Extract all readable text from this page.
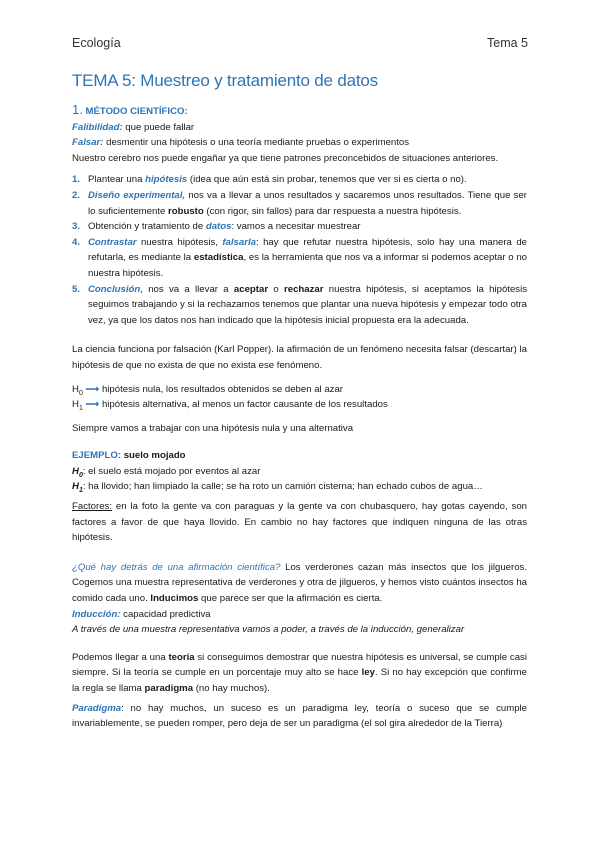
Ecología	Tema 5
TEMA 5: Muestreo y tratamiento de datos

1. MÉTODO CIENTÍFICO:

Falibilidad: que puede fallar

Falsar: desmentir una hipótesis o una teoría mediante pruebas o experimentos

Nuestro cerebro nos puede engañar ya que tiene patrones preconcebidos de situaciones anteriores.

1. Plantear una hipótesis (idea que aún está sin probar, tenemos que ver si es cierta o no).
2. Diseño experimental, nos va a llevar a unos resultados y sacaremos unos resultados. Tiene que ser lo suficientemente robusto (con rigor, sin fallos) para dar respuesta a nuestra hipótesis.
3. Obtención y tratamiento de datos: vamos a necesitar muestrear
4. Contrastar nuestra hipótesis, falsarla: hay que refutar nuestra hipótesis, solo hay una manera de refutarla, es mediante la estadística, es la herramienta que nos va a informar si podemos aceptar o no nuestra hipótesis.
5. Conclusión, nos va a llevar a aceptar o rechazar nuestra hipótesis, si aceptamos la hipótesis seguimos trabajando y si la rechazamos tenemos que plantar una nueva hipótesis y empezar todo otra vez, ya que los datos nos han indicado que la hipótesis inicial propuesta era la adecuada.

La ciencia funciona por falsación (Karl Popper). la afirmación de un fenómeno necesita falsar (descartar) la hipótesis de que no exista de que no exista ese fenómeno.

$H_0$ ⟶ hipótesis nula, los resultados obtenidos se deben al azar

$H_1$ ⟶ hipótesis alternativa, al menos un factor causante de los resultados

Siempre vamos a trabajar con una hipótesis nula y una alternativa

EJEMPLO: suelo mojado

$H_0$: el suelo está mojado por eventos al azar

$H_1$: ha llovido; han limpiado la calle; se ha roto un camión cisterna; han echado cubos de agua…

Factores: en la foto la gente va con paraguas y la gente va con chubasquero, hay gotas cayendo, son factores a favor de que haya llovido. En cambio no hay factores que indiquen ninguna de las otras hipótesis.

¿Qué hay detrás de una afirmación científica? Los verderones cazan más insectos que los jilgueros. Cogemos una muestra representativa de verderones y otra de jilgueros, y hemos visto cuántos insectos ha comido cada uno. Inducimos que parece ser que la afirmación es cierta.

Inducción: capacidad predictiva

A través de una muestra representativa vamos a poder, a través de la inducción, generalizar

Podemos llegar a una teoría si conseguimos demostrar que nuestra hipótesis es universal, se cumple casi siempre. Si la teoría se cumple en un porcentaje muy alto se hace ley. Si no hay excepción que confirme la regla se llama paradigma (no hay muchos).

Paradigma: no hay muchos, un suceso es un paradigma ley, teoría o suceso que se cumple invariablemente, se pueden romper, pero deja de ser un paradigma (el sol gira alrededor de la Tierra)
